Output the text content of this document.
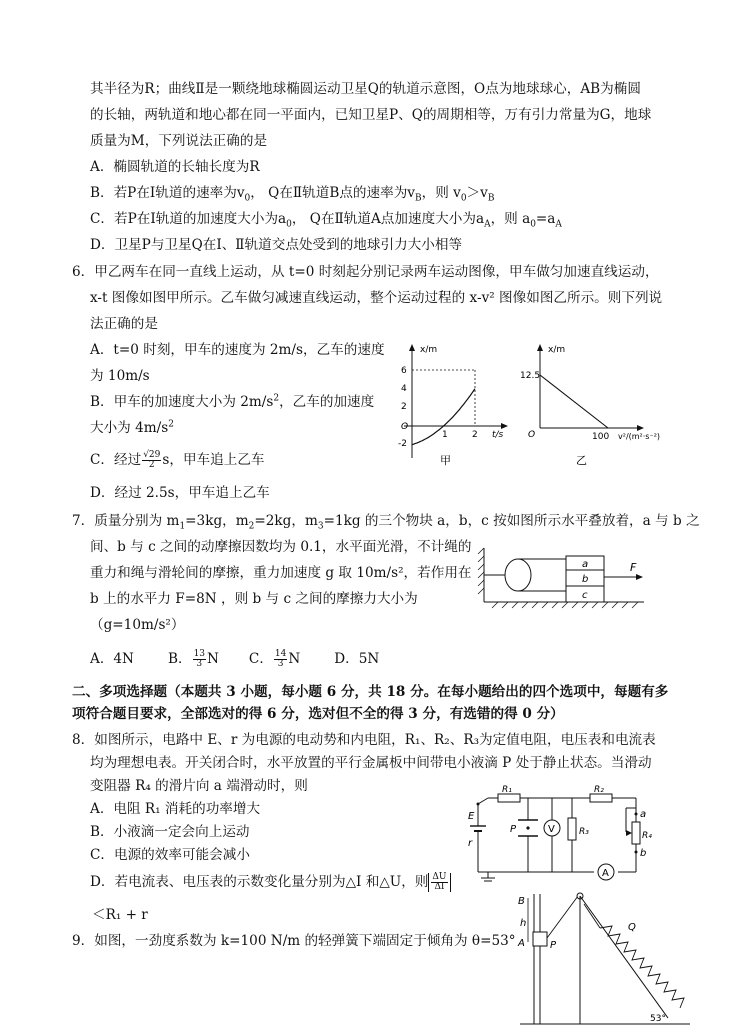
其半径为R；曲线Ⅱ是一颗绕地球椭圆运动卫星Q的轨道示意图，O点为地球球心，AB为椭圆
的长轴，两轨道和地心都在同一平面内，已知卫星P、Q的周期相等，万有引力常量为G，地球
质量为M，下列说法正确的是
A．椭圆轨道的长轴长度为R
B．若P在Ⅰ轨道的速率为$v_0$， Q在Ⅱ轨道B点的速率为$v_B$，则 $v_0>v_B$
C．若P在Ⅰ轨道的加速度大小为$a_0$， Q在Ⅱ轨道A点加速度大小为$a_A$，则 $a_0=a_A$
D．卫星P与卫星Q在Ⅰ、Ⅱ轨道交点处受到的地球引力大小相等
6．甲乙两车在同一直线上运动，从 t=0 时刻起分别记录两车运动图像，甲车做匀加速直线运动，
x-t 图像如图甲所示。乙车做匀减速直线运动，整个运动过程的 x-v² 图像如图乙所示。则下列说
法正确的是
A．t=0 时刻，甲车的速度为 2m/s，乙车的速度
为 10m/s
B．甲车的加速度大小为 $2m/s^2$，乙车的加速度
大小为 $4m/s^2$
C．经过 $\frac{√29}{2}$ s，甲车追上乙车
D．经过 2.5s，甲车追上乙车
x/m
t/s
6
4
2
O
-2
1	2
甲
x/m
12.5
O	100 v²/(m²·s⁻²)
乙
7．质量分别为 $m_1=3kg$，$m_2=2kg$，$m_3=1kg$ 的三个物块 a，b，c 按如图所示水平叠放着，a 与 b 之
间、b 与 c 之间的动摩擦因数均为 0.1，水平面光滑，不计绳的
重力和绳与滑轮间的摩擦，重力加速度 g 取 10m/s²，若作用在
b 上的水平力 F=8N ，则 b 与 c 之间的摩擦力大小为
（g=10m/s²）
A．4N	B． $\frac{13}{3}$ N C． $\frac{14}{3}$ N	D．5N
a
b
c
F
二、多项选择题（本题共 3 小题，每小题 6 分，共 18 分。在每小题给出的四个选项中，每题有多
项符合题目要求，全部选对的得 6 分，选对但不全的得 3 分，有选错的得 0 分）
8．如图所示，电路中 E、r 为电源的电动势和内电阻，R₁、R₂、R₃为定值电阻，电压表和电流表
均为理想电表。开关闭合时，水平放置的平行金属板中间带电小液滴 P 处于静止状态。当滑动
变阻器 R₄ 的滑片向 a 端滑动时，则
A．电阻 R₁ 消耗的功率增大
B．小液滴一定会向上运动
C．电源的效率可能会减小
D．若电流表、电压表的示数变化量分别为△I 和△U，则 $\frac{\Delta U}{\Delta I}$
＜R₁ + r
E
r
R₁
P	V	R₃
R₂
A
a
b
R₄
9．如图，一劲度系数为 k=100 N/m 的轻弹簧下端固定于倾角为 θ=53°
B
h
A	P
Q
53°
